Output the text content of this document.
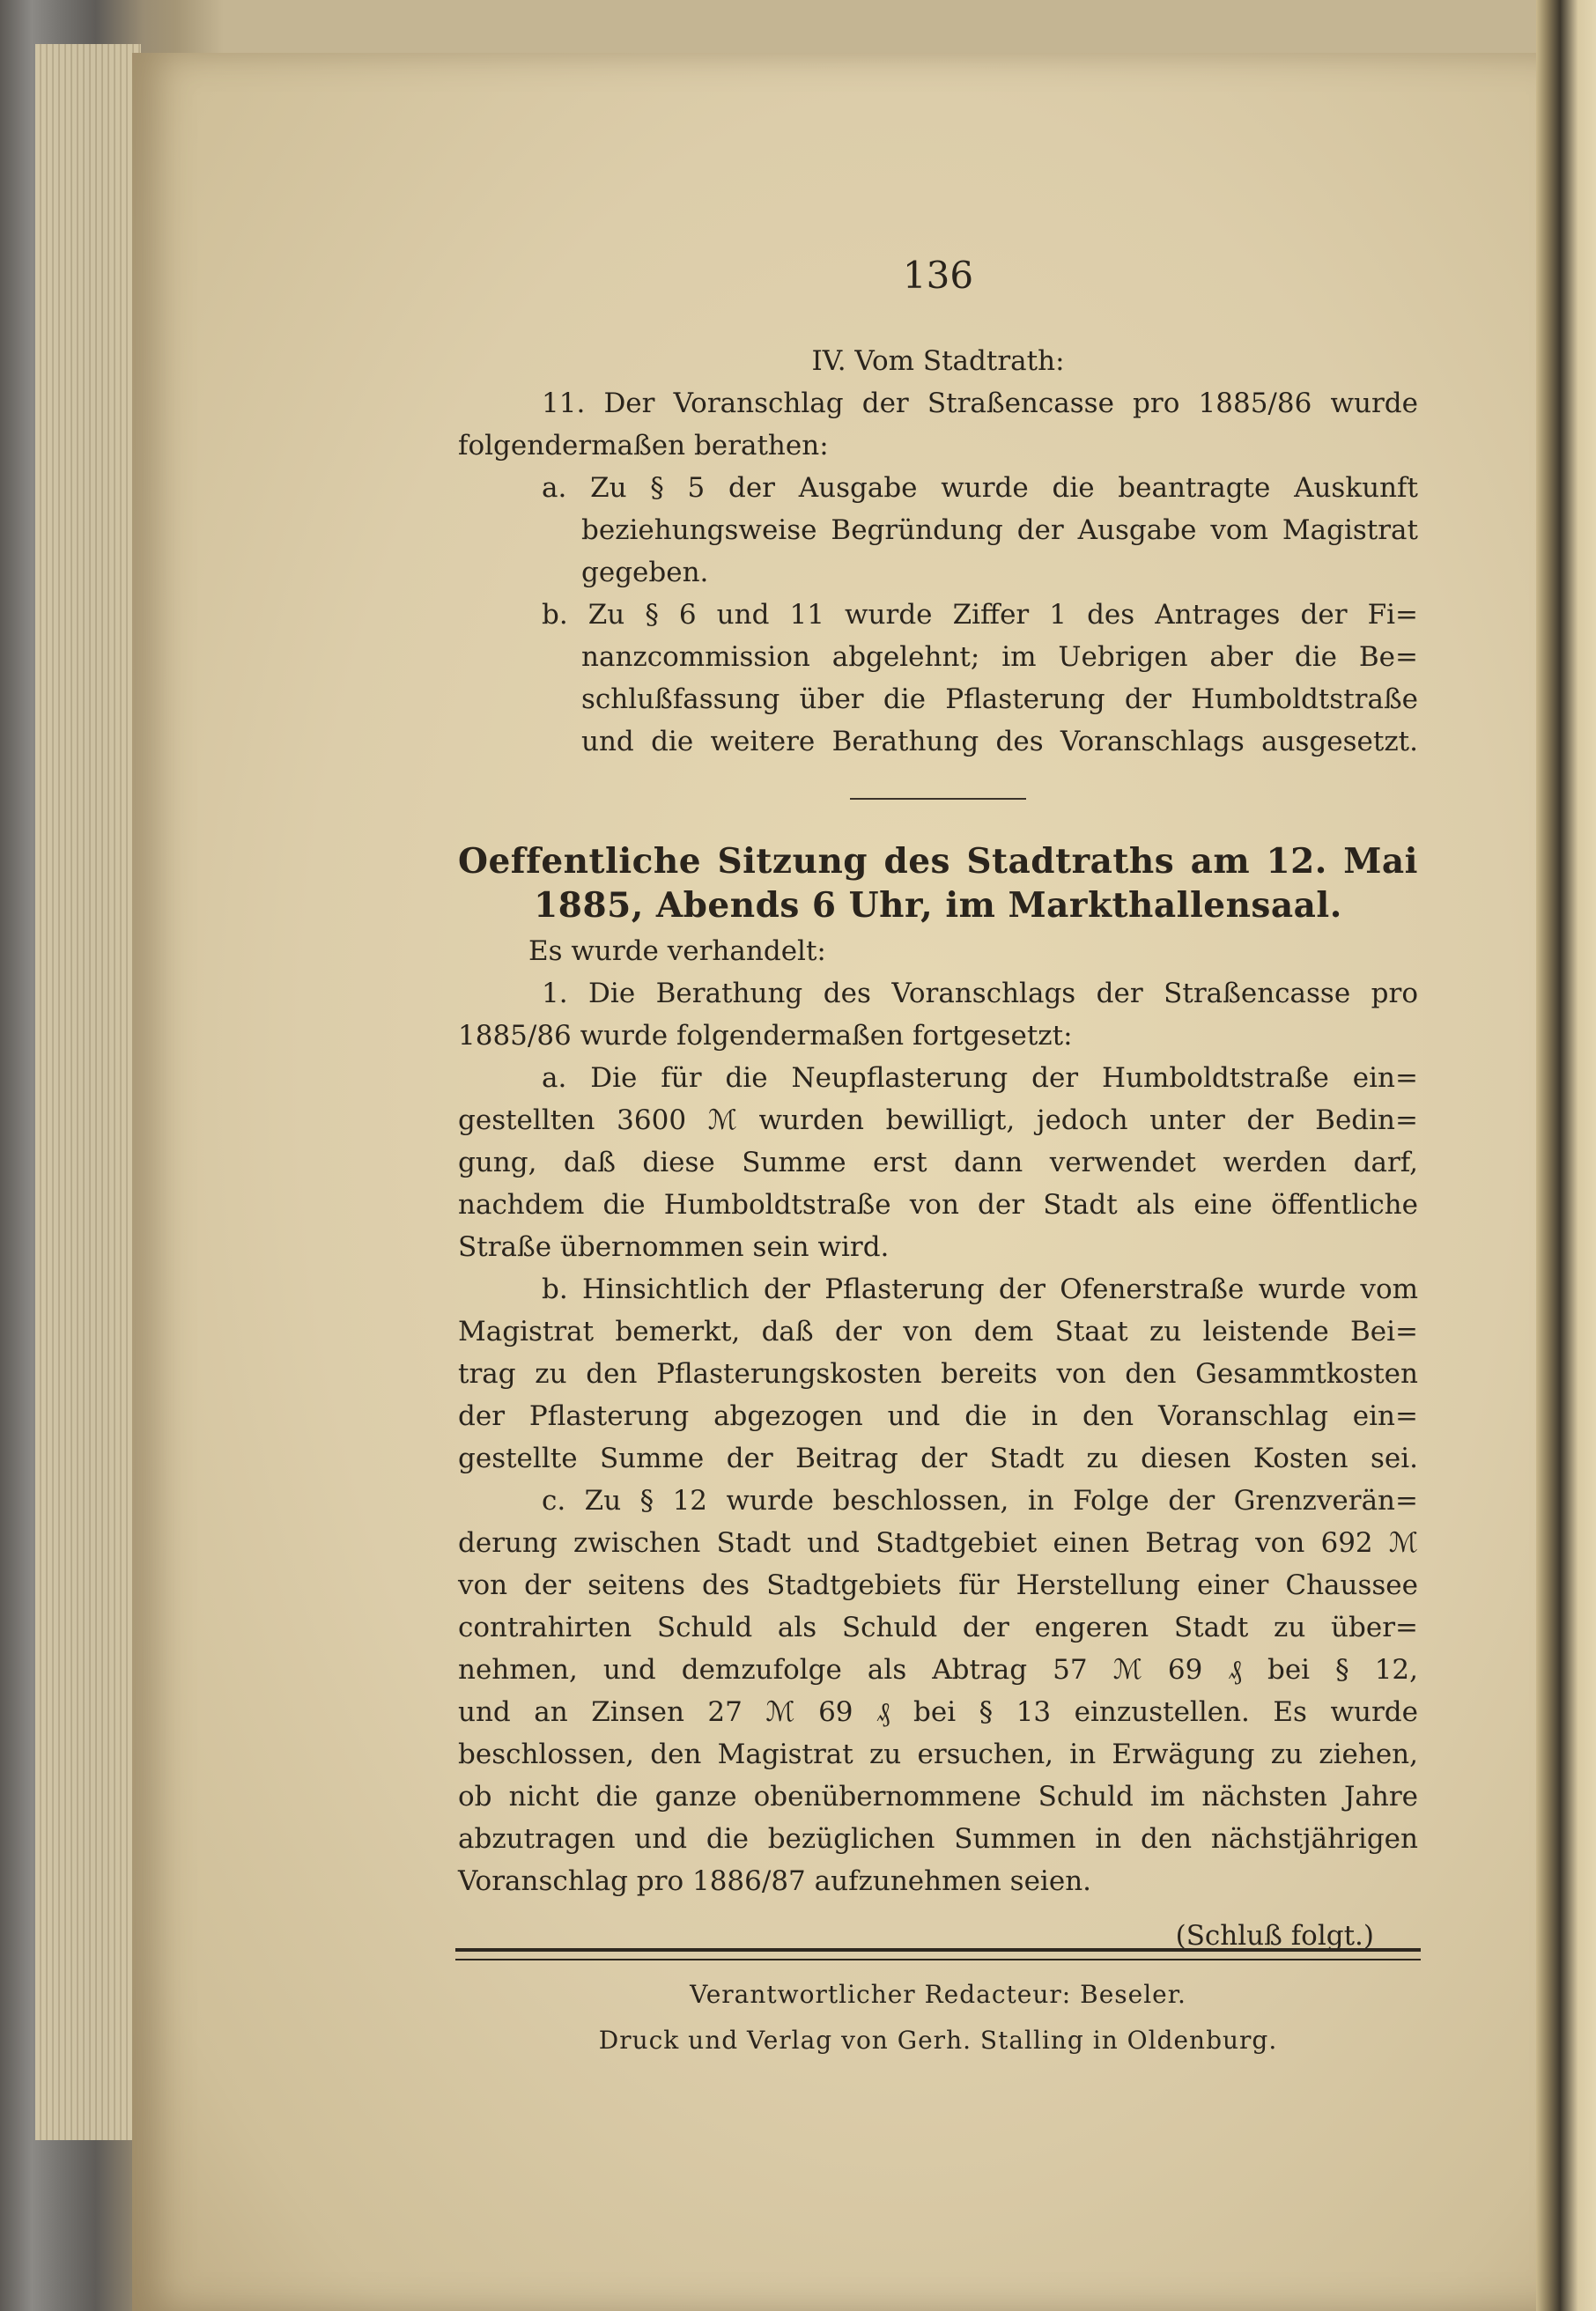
136
IV. Vom Stadtrath:
11. Der Voranschlag der Straßencasse pro 1885/86 wurde
folgendermaßen berathen:
a. Zu § 5 der Ausgabe wurde die beantragte Auskunft
beziehungsweise Begründung der Ausgabe vom Magistrat
gegeben.
b. Zu § 6 und 11 wurde Ziffer 1 des Antrages der Fi=
nanzcommission abgelehnt; im Uebrigen aber die Be=
schlußfassung über die Pflasterung der Humboldtstraße
und die weitere Berathung des Voranschlags ausgesetzt.
Oeffentliche Sitzung des Stadtraths am 12. Mai
1885, Abends 6 Uhr, im Markthallensaal.
Es wurde verhandelt:
1. Die Berathung des Voranschlags der Straßencasse pro
1885/86 wurde folgendermaßen fortgesetzt:
a. Die für die Neupflasterung der Humboldtstraße ein=
gestellten 3600 ℳ wurden bewilligt, jedoch unter der Bedin=
gung, daß diese Summe erst dann verwendet werden darf,
nachdem die Humboldtstraße von der Stadt als eine öffentliche
Straße übernommen sein wird.
b. Hinsichtlich der Pflasterung der Ofenerstraße wurde vom
Magistrat bemerkt, daß der von dem Staat zu leistende Bei=
trag zu den Pflasterungskosten bereits von den Gesammtkosten
der Pflasterung abgezogen und die in den Voranschlag ein=
gestellte Summe der Beitrag der Stadt zu diesen Kosten sei.
c. Zu § 12 wurde beschlossen, in Folge der Grenzverän=
derung zwischen Stadt und Stadtgebiet einen Betrag von 692 ℳ
von der seitens des Stadtgebiets für Herstellung einer Chaussee
contrahirten Schuld als Schuld der engeren Stadt zu über=
nehmen, und demzufolge als Abtrag 57 ℳ 69 ₰ bei § 12,
und an Zinsen 27 ℳ 69 ₰ bei § 13 einzustellen. Es wurde
beschlossen, den Magistrat zu ersuchen, in Erwägung zu ziehen,
ob nicht die ganze obenübernommene Schuld im nächsten Jahre
abzutragen und die bezüglichen Summen in den nächstjährigen
Voranschlag pro 1886/87 aufzunehmen seien.
(Schluß folgt.)
Verantwortlicher Redacteur: Beseler.
Druck und Verlag von Gerh. Stalling in Oldenburg.
